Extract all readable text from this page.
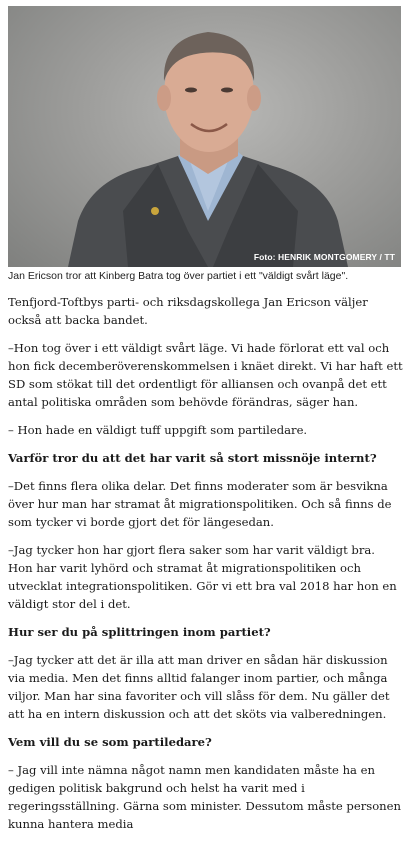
Foto: HENRIK MONTGOMERY / TT
Jan Ericson tror att Kinberg Batra tog över partiet i ett "väldigt svårt läge".

Tenfjord-Toftbys parti- och riksdagskollega Jan Ericson väljer också att backa bandet.

–Hon tog över i ett väldigt svårt läge. Vi hade förlorat ett val och hon fick decemberöverenskommelsen i knäet direkt. Vi har haft ett SD som stökat till det ordentligt för alliansen och ovanpå det ett antal politiska områden som behövde förändras, säger han.

– Hon hade en väldigt tuff uppgift som partiledare.

Varför tror du att det har varit så stort missnöje internt?

–Det finns flera olika delar. Det finns moderater som är besvikna över hur man har stramat åt migrationspolitiken. Och så finns de som tycker vi borde gjort det för längesedan.

–Jag tycker hon har gjort flera saker som har varit väldigt bra. Hon har varit lyhörd och stramat åt migrationspolitiken och utvecklat integrationspolitiken. Gör vi ett bra val 2018 har hon en väldigt stor del i det.

Hur ser du på splittringen inom partiet?

–Jag tycker att det är illa att man driver en sådan här diskussion via media. Men det finns alltid falanger inom partier, och många viljor. Man har sina favoriter och vill slåss för dem. Nu gäller det att ha en intern diskussion och att det sköts via valberedningen.

Vem vill du se som partiledare?

– Jag vill inte nämna något namn men kandidaten måste ha en gedigen politisk bakgrund och helst ha varit med i regeringsställning. Gärna som minister. Dessutom måste personen kunna hantera media
